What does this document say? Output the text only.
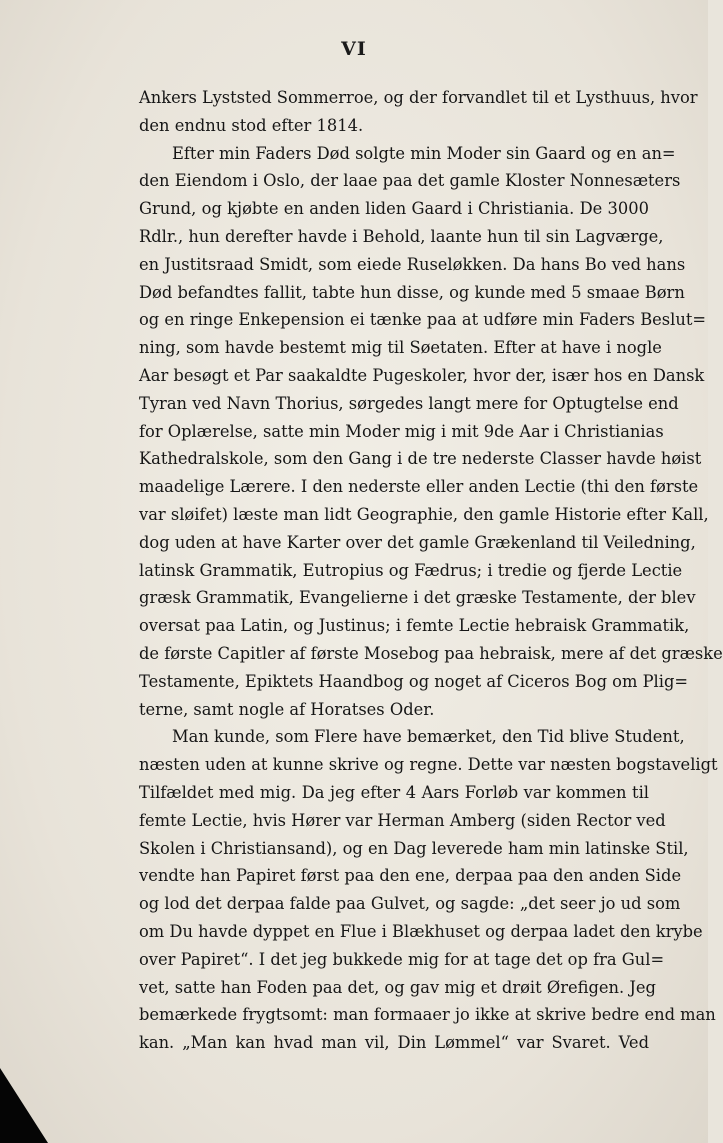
VI
Ankers Lyststed Sommerroe, og der forvandlet til et Lysthuus, hvor
den endnu stod efter 1814.
Efter min Faders Død solgte min Moder sin Gaard og en an=
den Eiendom i Oslo, der laae paa det gamle Kloster Nonnesæters
Grund, og kjøbte en anden liden Gaard i Christiania. De 3000
Rdlr., hun derefter havde i Behold, laante hun til sin Lagværge,
en Justitsraad Smidt, som eiede Ruseløkken. Da hans Bo ved hans
Død befandtes fallit, tabte hun disse, og kunde med 5 smaae Børn
og en ringe Enkepension ei tænke paa at udføre min Faders Beslut=
ning, som havde bestemt mig til Søetaten. Efter at have i nogle
Aar besøgt et Par saakaldte Pugeskoler, hvor der, især hos en Dansk
Tyran ved Navn Thorius, sørgedes langt mere for Optugtelse end
for Oplærelse, satte min Moder mig i mit 9de Aar i Christianias
Kathedralskole, som den Gang i de tre nederste Classer havde høist
maadelige Lærere. I den nederste eller anden Lectie (thi den første
var sløifet) læste man lidt Geographie, den gamle Historie efter Kall,
dog uden at have Karter over det gamle Grækenland til Veiledning,
latinsk Grammatik, Eutropius og Fædrus; i tredie og fjerde Lectie
græsk Grammatik, Evangelierne i det græske Testamente, der blev
oversat paa Latin, og Justinus; i femte Lectie hebraisk Grammatik,
de første Capitler af første Mosebog paa hebraisk, mere af det græske
Testamente, Epiktets Haandbog og noget af Ciceros Bog om Plig=
terne, samt nogle af Horatses Oder.
Man kunde, som Flere have bemærket, den Tid blive Student,
næsten uden at kunne skrive og regne. Dette var næsten bogstaveligt
Tilfældet med mig. Da jeg efter 4 Aars Forløb var kommen til
femte Lectie, hvis Hører var Herman Amberg (siden Rector ved
Skolen i Christiansand), og en Dag leverede ham min latinske Stil,
vendte han Papiret først paa den ene, derpaa paa den anden Side
og lod det derpaa falde paa Gulvet, og sagde: „det seer jo ud som
om Du havde dyppet en Flue i Blækhuset og derpaa ladet den krybe
over Papiret“. I det jeg bukkede mig for at tage det op fra Gul=
vet, satte han Foden paa det, og gav mig et drøit Ørefigen. Jeg
bemærkede frygtsomt: man formaaer jo ikke at skrive bedre end man
kan. „Man kan hvad man vil, Din Lømmel“ var Svaret. Ved
